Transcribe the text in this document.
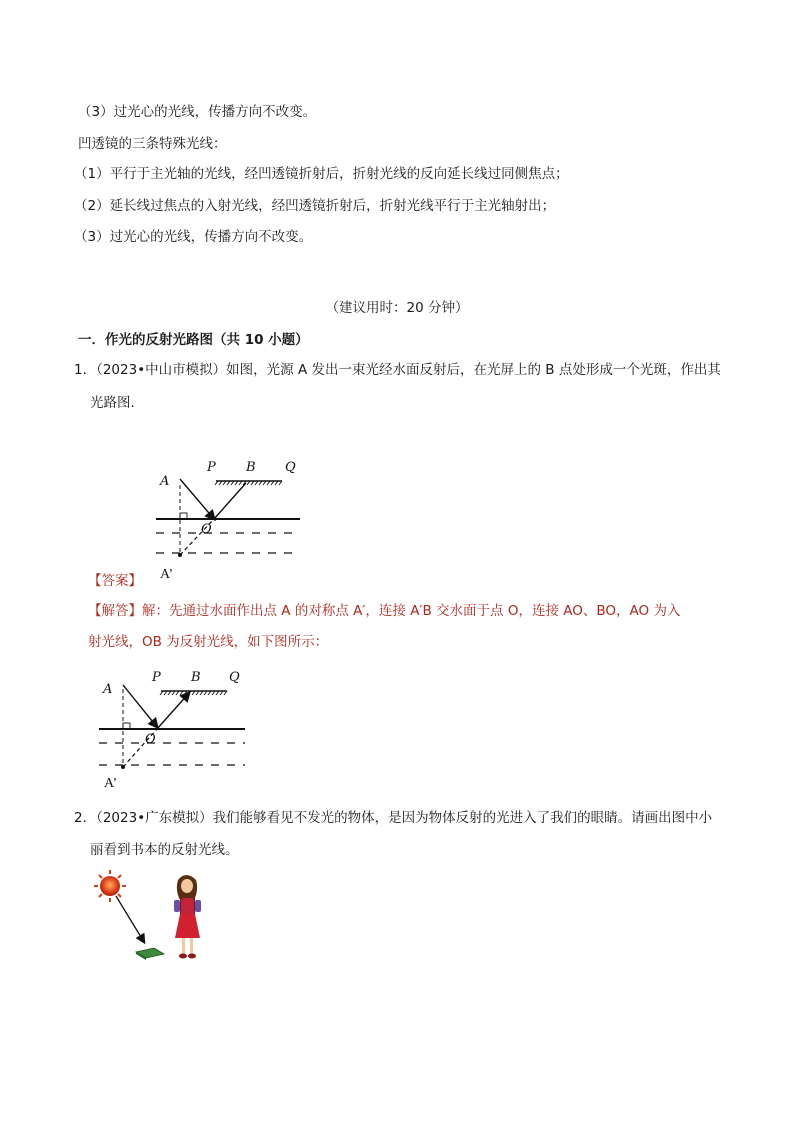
（3）过光心的光线，传播方向不改变。
凹透镜的三条特殊光线：
（1）平行于主光轴的光线，经凹透镜折射后，折射光线的反向延长线过同侧焦点；
（2）延长线过焦点的入射光线，经凹透镜折射后，折射光线平行于主光轴射出；
（3）过光心的光线，传播方向不改变。
（建议用时：20 分钟）
一．作光的反射光路图（共 10 小题）
1．（2023•中山市模拟）如图，光源 A 发出一束光经水面反射后，在光屏上的 B 点处形成一个光斑，作出其
光路图．
A
P B Q
O
A’
【答案】
【解答】解：先通过水面作出点 A 的对称点 A′，连接 A′B 交水面于点 O，连接 AO、BO，AO 为入
射光线，OB 为反射光线，如下图所示：
A
P B Q
O
A’
2．（2023•广东模拟）我们能够看见不发光的物体，是因为物体反射的光进入了我们的眼睛。请画出图中小
丽看到书本的反射光线。
